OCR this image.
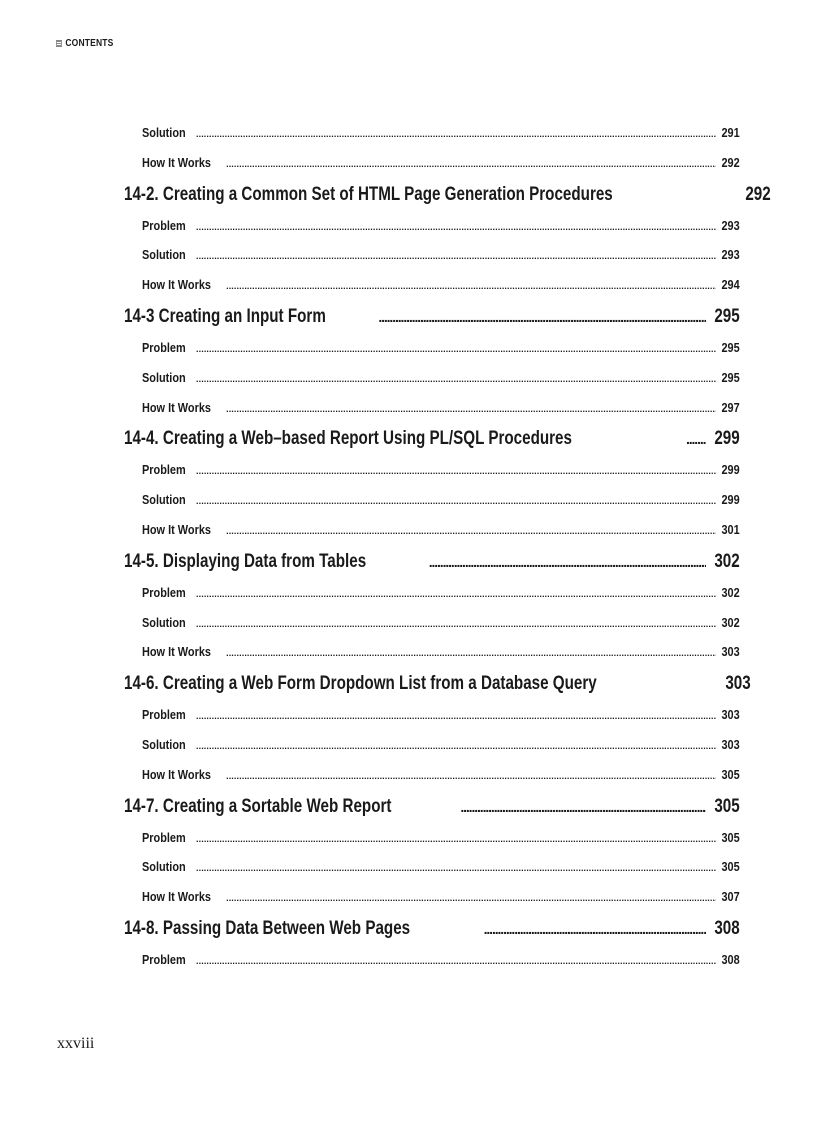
CONTENTS
Solution . . .	291
How It Works . . .	292
14-2. Creating a Common Set of HTML Page Generation Procedures	292
Problem . . .	293
Solution . . .	293
How It Works . . .	294
14-3 Creating an Input Form . . .	295
Problem . . .	295
Solution . . .	295
How It Works . . .	297
14-4. Creating a Web–based Report Using PL/SQL Procedures . . .	299
Problem . . .	299
Solution . . .	299
How It Works . . .	301
14-5. Displaying Data from Tables . . .	302
Problem . . .	302
Solution . . .	302
How It Works . . .	303
14-6. Creating a Web Form Dropdown List from a Database Query	303
Problem . . .	303
Solution . . .	303
How It Works . . .	305
14-7. Creating a Sortable Web Report . . .	305
Problem . . .	305
Solution . . .	305
How It Works . . .	307
14-8. Passing Data Between Web Pages . . .	308
Problem . . .	308
xxviii
